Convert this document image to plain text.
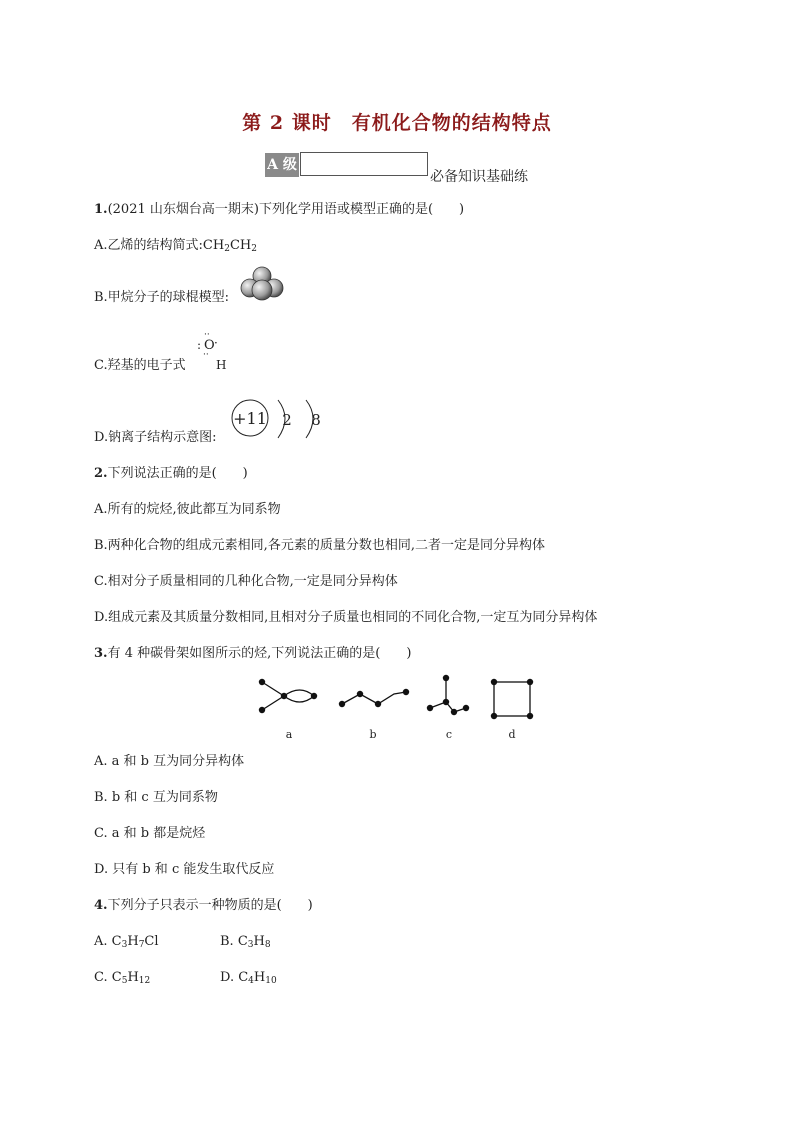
第 2 课时　有机化合物的结构特点
A 级
必备知识基础练
1.(2021 山东烟台高一期末)下列化学用语或模型正确的是(　　)
A.乙烯的结构简式$:CH_2CH_2$
B.甲烷分子的球棍模型:
C.羟基的电子式
··
: O ·
··
H
D.钠离子结构示意图:
+11 2 8
2.下列说法正确的是(　　)
A.所有的烷烃,彼此都互为同系物
B.两种化合物的组成元素相同,各元素的质量分数也相同,二者一定是同分异构体
C.相对分子质量相同的几种化合物,一定是同分异构体
D.组成元素及其质量分数相同,且相对分子质量也相同的不同化合物,一定互为同分异构体
3.有 4 种碳骨架如图所示的烃,下列说法正确的是(　　)
a	b	c	d
A. a 和 b 互为同分异构体
B. b 和 c 互为同系物
C. a 和 b 都是烷烃
D. 只有 b 和 c 能发生取代反应
4.下列分子只表示一种物质的是(　　)
A. $C_3H_7Cl$	B. $C_3H_8$
C. $C_5H_{12}$	D. $C_4H_{10}$
